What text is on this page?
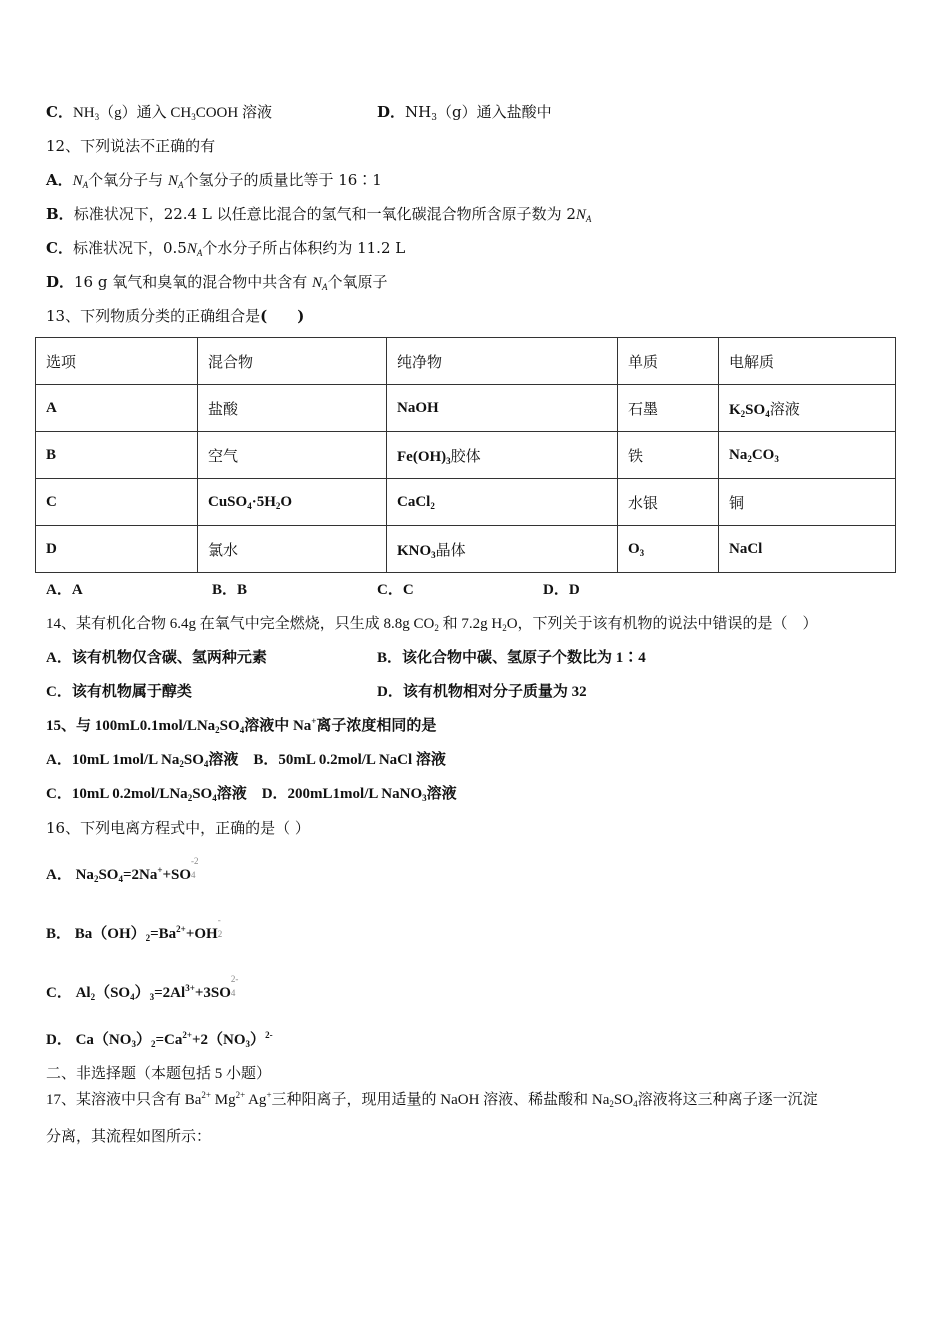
C．$NH_3(g)$通入 $CH_3COOH$ 溶液	D．$NH_3(g)$通入盐酸中
12、下列说法不正确的有
A．$N_A$个氧分子与 $N_A$个氢分子的质量比等于 16∶1
B．标准状况下，22.4 L 以任意比混合的氢气和一氧化碳混合物所含原子数为 $2N_A$
C．标准状况下，$0.5N_A$个水分子所占体积约为 11.2 L
D．16 g 氧气和臭氧的混合物中共含有 $N_A$个氧原子
13、下列物质分类的正确组合是(　　)
选项	混合物	纯净物	单质	电解质
A	盐酸	NaOH	石墨	$K_2SO_4$溶液
B	空气	$Fe(OH)_3$胶体	铁	$Na_2CO_3$
C	$CuSO_4\cdot 5H_2O$	CaCl$_2$	水银	铜
D	氯水	$KNO_3$晶体	$O_3$	NaCl
A．A	B．B	C．C	D．D
14、某有机化合物 6.4g 在氧气中完全燃烧，只生成 8.8g $CO_2$ 和 7.2g $H_2O$，下列关于该有机物的说法中错误的是（　）
A．该有机物仅含碳、氢两种元素	B．该化合物中碳、氢原子个数比为 1∶4
C．该有机物属于醇类	D．该有机物相对分子质量为 32
15、与 $100mL0.1mol/LNa_2SO_4$溶液中 Na+离子浓度相同的是
A．10mL 1mol/L $Na_2SO_4$溶液 B．50mL 0.2mol/L NaCl 溶液
C．10mL $0.2mol/LNa_2SO_4$溶液 D．200mL1mol/L NaNO$_3$溶液
16、下列电离方程式中，正确的是（ ）
A． $Na_2SO_4=2Na^++SO$
-2
4
B． $Ba(OH)_2=Ba^{2+}+OH$
-
2
C． $Al_2(SO_4)_3=2Al^{3+}+3SO$
2-
4
D． $Ca(NO_3)_2=Ca^{2+}+2(NO_3)^{2-}$
二、非选择题（本题包括 5 小题）
17、某溶液中只含有 $Ba^{2+}$ $Mg^{2+}$ Ag+三种阳离子，现用适量的 NaOH 溶液、稀盐酸和 $Na_2SO_4$溶液将这三种离子逐一沉淀
分离，其流程如图所示：
